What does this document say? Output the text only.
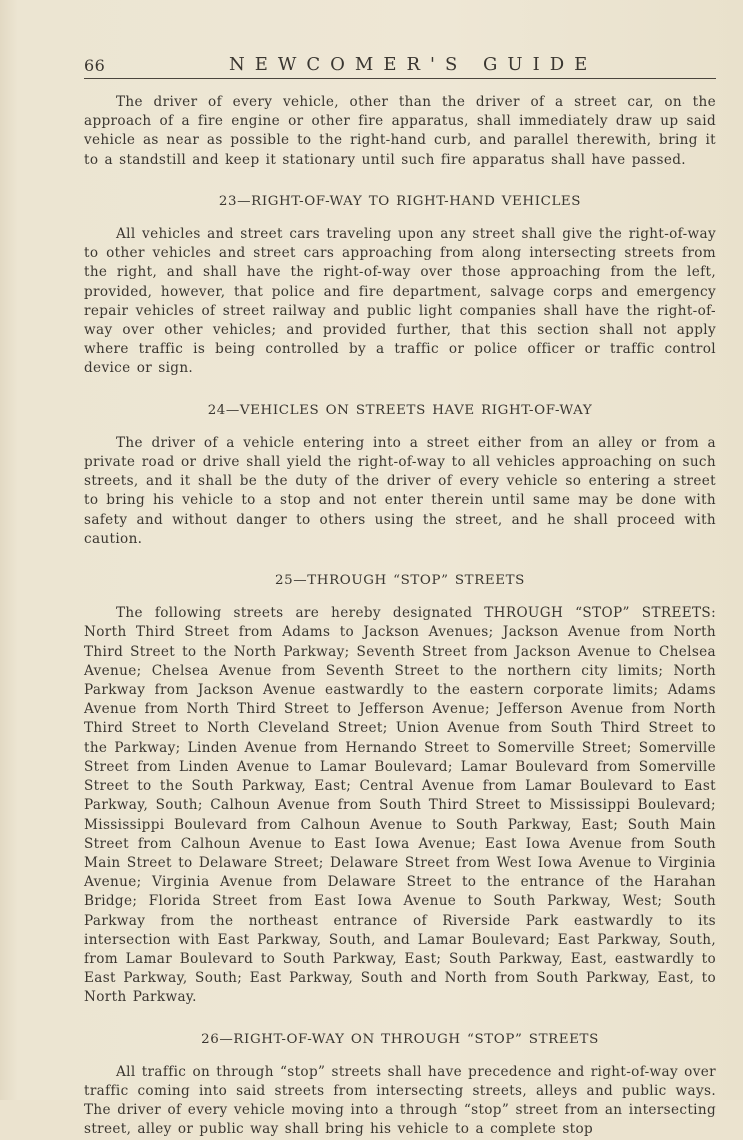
66	NEWCOMER'S GUIDE

The driver of every vehicle, other than the driver of a street car, on the approach of a fire engine or other fire apparatus, shall immediately draw up said vehicle as near as possible to the right-hand curb, and parallel therewith, bring it to a standstill and keep it stationary until such fire apparatus shall have passed.

23—RIGHT-OF-WAY TO RIGHT-HAND VEHICLES

All vehicles and street cars traveling upon any street shall give the right-of-way to other vehicles and street cars approaching from along intersecting streets from the right, and shall have the right-of-way over those approaching from the left, provided, however, that police and fire department, salvage corps and emergency repair vehicles of street railway and public light companies shall have the right-of-way over other vehicles; and provided further, that this section shall not apply where traffic is being controlled by a traffic or police officer or traffic control device or sign.

24—VEHICLES ON STREETS HAVE RIGHT-OF-WAY

The driver of a vehicle entering into a street either from an alley or from a private road or drive shall yield the right-of-way to all vehicles approaching on such streets, and it shall be the duty of the driver of every vehicle so entering a street to bring his vehicle to a stop and not enter therein until same may be done with safety and without danger to others using the street, and he shall proceed with caution.

25—THROUGH “STOP” STREETS

The following streets are hereby designated THROUGH “STOP” STREETS: North Third Street from Adams to Jackson Avenues; Jackson Avenue from North Third Street to the North Parkway; Seventh Street from Jackson Avenue to Chelsea Avenue; Chelsea Avenue from Seventh Street to the northern city limits; North Parkway from Jackson Avenue eastwardly to the eastern corporate limits; Adams Avenue from North Third Street to Jefferson Avenue; Jefferson Avenue from North Third Street to North Cleveland Street; Union Avenue from South Third Street to the Parkway; Linden Avenue from Hernando Street to Somerville Street; Somerville Street from Linden Avenue to Lamar Boulevard; Lamar Boulevard from Somerville Street to the South Parkway, East; Central Avenue from Lamar Boulevard to East Parkway, South; Calhoun Avenue from South Third Street to Mississippi Boulevard; Mississippi Boulevard from Calhoun Avenue to South Parkway, East; South Main Street from Calhoun Avenue to East Iowa Avenue; East Iowa Avenue from South Main Street to Delaware Street; Delaware Street from West Iowa Avenue to Virginia Avenue; Virginia Avenue from Delaware Street to the entrance of the Harahan Bridge; Florida Street from East Iowa Avenue to South Parkway, West; South Parkway from the northeast entrance of Riverside Park eastwardly to its intersection with East Parkway, South, and Lamar Boulevard; East Parkway, South, from Lamar Boulevard to South Parkway, East; South Parkway, East, eastwardly to East Parkway, South; East Parkway, South and North from South Parkway, East, to North Parkway.

26—RIGHT-OF-WAY ON THROUGH “STOP” STREETS

All traffic on through “stop” streets shall have precedence and right-of-way over traffic coming into said streets from intersecting streets, alleys and public ways. The driver of every vehicle moving into a through “stop” street from an intersecting street, alley or public way shall bring his vehicle to a complete stop
